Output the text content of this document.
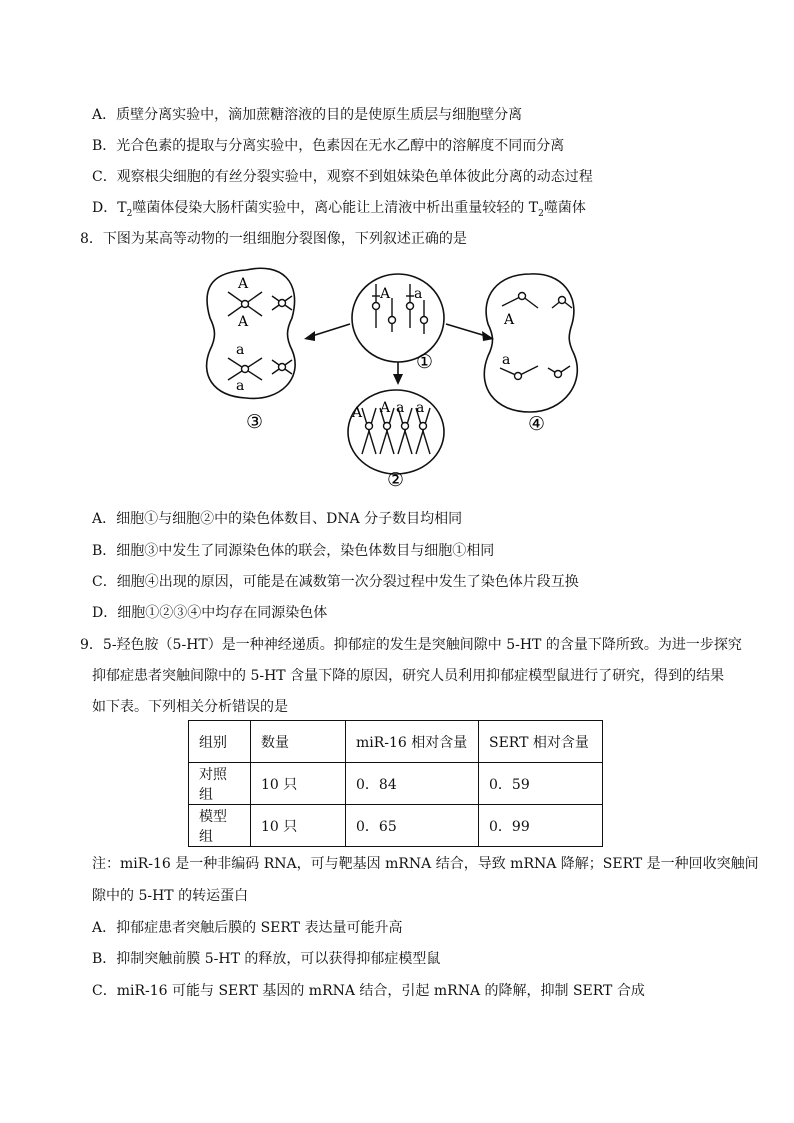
A．质壁分离实验中，滴加蔗糖溶液的目的是使原生质层与细胞壁分离
B．光合色素的提取与分离实验中，色素因在无水乙醇中的溶解度不同而分离
C．观察根尖细胞的有丝分裂实验中，观察不到姐妹染色单体彼此分离的动态过程
D．$T_2$噬菌体侵染大肠杆菌实验中，离心能让上清液中析出重量较轻的 $T_2$噬菌体
8．下图为某高等动物的一组细胞分裂图像，下列叙述正确的是
A
A
a
a
A a
A A a a
A
a
①
②
③	④
A．细胞①与细胞②中的染色体数目、DNA 分子数目均相同
B．细胞③中发生了同源染色体的联会，染色体数目与细胞①相同
C．细胞④出现的原因，可能是在减数第一次分裂过程中发生了染色体片段互换
D．细胞①②③④中均存在同源染色体
9．5-羟色胺（5-HT）是一种神经递质。抑郁症的发生是突触间隙中 5-HT 的含量下降所致。为进一步探究
抑郁症患者突触间隙中的 5-HT 含量下降的原因，研究人员利用抑郁症模型鼠进行了研究，得到的结果
如下表。下列相关分析错误的是
组别	数量	miR-16 相对含量	SERT 相对含量
对照组	10 只	0．84	0．59
模型组	10 只	0．65	0．99
注：miR-16 是一种非编码 RNA，可与靶基因 mRNA 结合，导致 mRNA 降解；SERT 是一种回收突触间
隙中的 5-HT 的转运蛋白
A．抑郁症患者突触后膜的 SERT 表达量可能升高
B．抑制突触前膜 5-HT 的释放，可以获得抑郁症模型鼠
C．miR-16 可能与 SERT 基因的 mRNA 结合，引起 mRNA 的降解，抑制 SERT 合成
